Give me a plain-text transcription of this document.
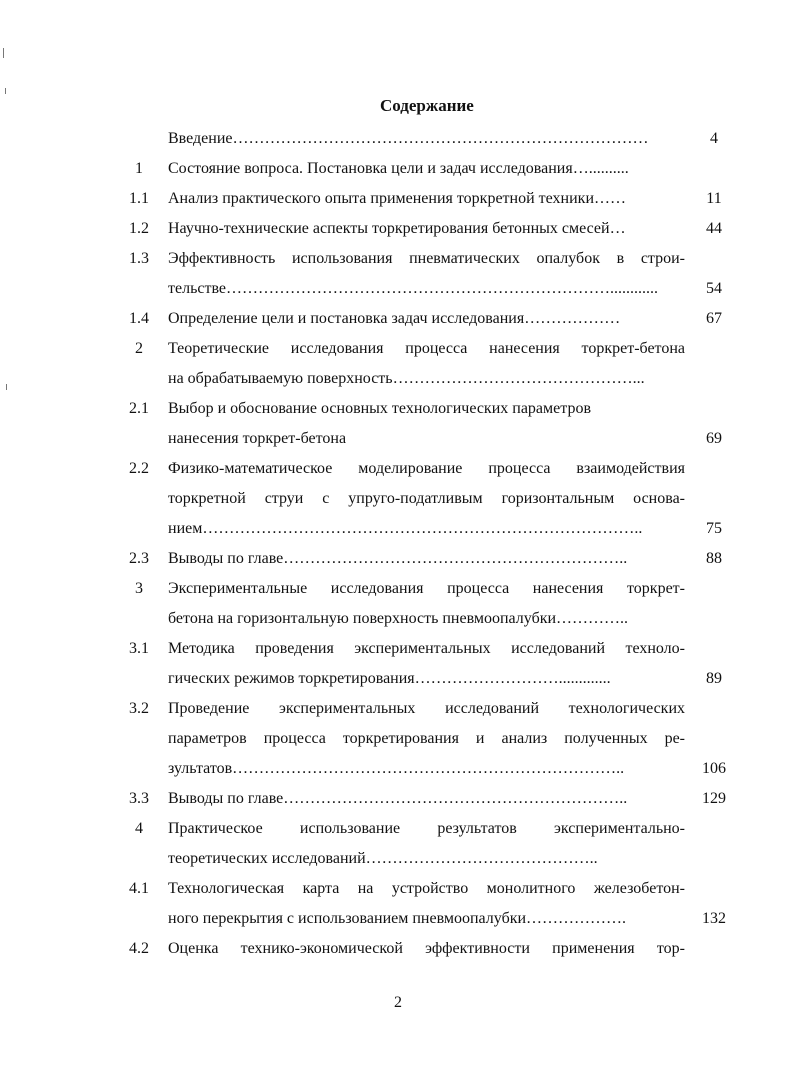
Содержание
Введение……………………………………………………………………	4
1	Состояние вопроса. Постановка цели и задач исследования…..........
1.1	Анализ практического опыта применения торкретной техники……	11
1.2	Научно-технические аспекты торкретирования бетонных смесей…	44
1.3	Эффективность использования пневматических опалубок в строи-
тельстве………………………………………………………………............	54
1.4	Определение цели и постановка задач исследования………………	67
2	Теоретические исследования процесса нанесения торкрет-бетона
на обрабатываемую поверхность………………………………………...
2.1	Выбор и обоснование основных технологических параметров
нанесения торкрет-бетона	69
2.2	Физико-математическое моделирование процесса взаимодействия
торкретной струи с упруго-податливым горизонтальным основа-
нием………………………………………………………………………..	75
2.3	Выводы по главе………………………………………………………..	88
3	Экспериментальные исследования процесса нанесения торкрет-
бетона на горизонтальную поверхность пневмоопалубки…………..
3.1	Методика проведения экспериментальных исследований техноло-
гических режимов торкретирования……………………….............	89
3.2	Проведение экспериментальных исследований технологических
параметров процесса торкретирования и анализ полученных ре-
зультатов………………………………………………………………..	106
3.3	Выводы по главе………………………………………………………..	129
4	Практическое использование результатов экспериментально-
теоретических исследований……………………………………..
4.1	Технологическая карта на устройство монолитного железобетон-
ного перекрытия с использованием пневмоопалубки……………….	132
4.2	Оценка технико-экономической эффективности применения тор-
2
